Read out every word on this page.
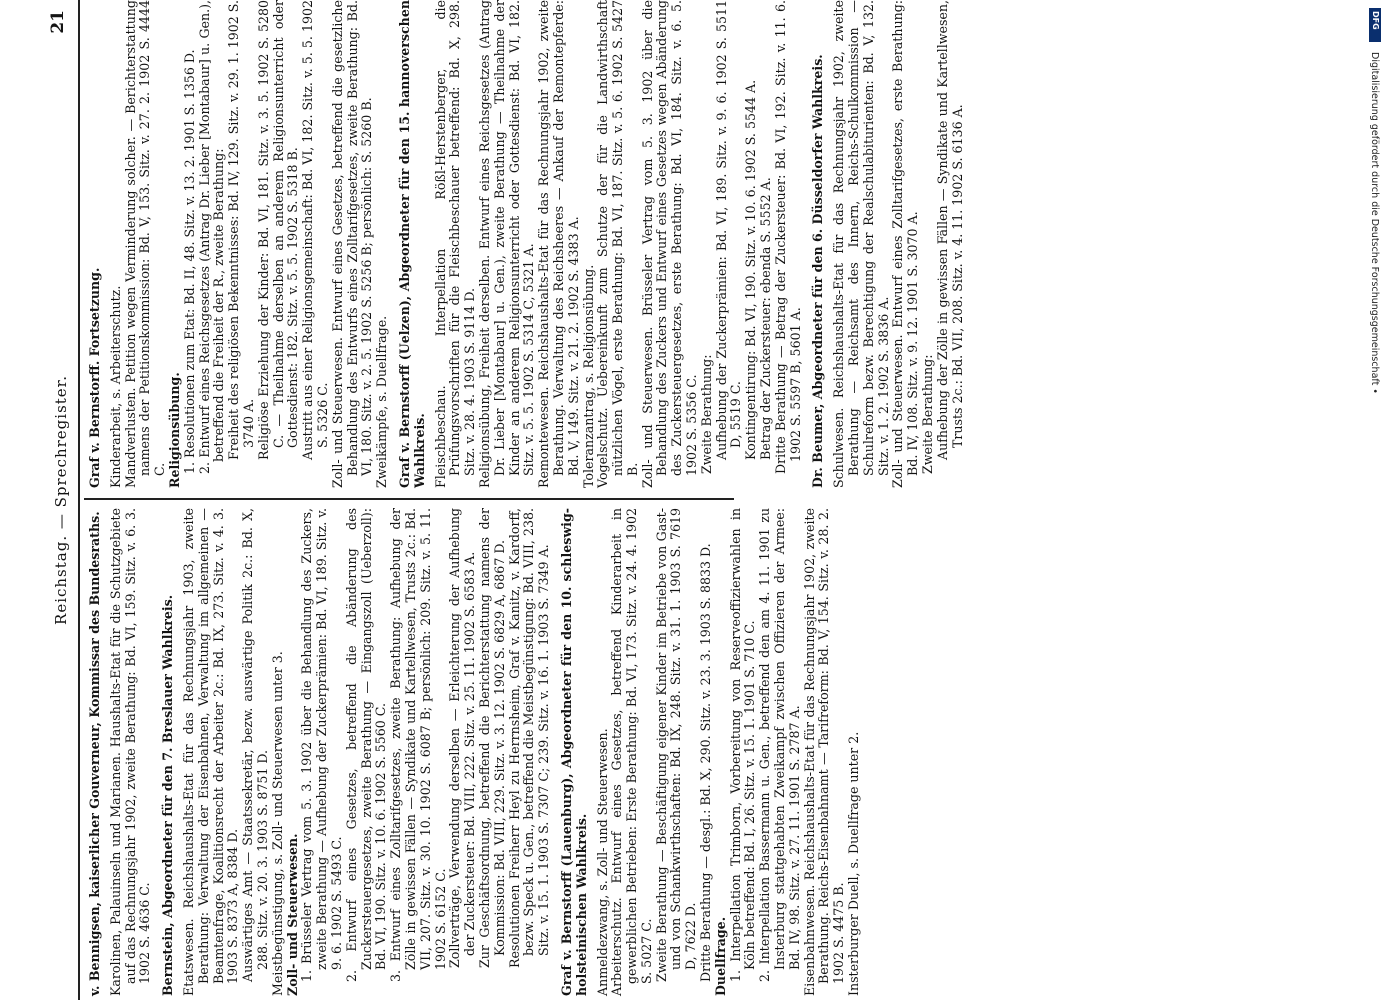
Reichstag. — Sprechregister.
21

v. Bennigsen, kaiserlicher Gouverneur, Kommissar des Bundesraths. Karolinen, Palauinseln und Marianen. Haushalts-Etat für die Schutzgebiete auf das Rechnungsjahr 1902, zweite Berathung: Bd. VI, 159. Sitz. v. 6. 3. 1902 S. 4636 C. Bernstein, Abgeordneter für den 7. Breslauer Wahlkreis. Etatswesen. Reichshaushalts-Etat für das Rechnungsjahr 1903, zweite Berathung: Verwaltung der Eisenbahnen, Verwaltung im allgemeinen — Beamtenfrage, Koalitionsrecht der Arbeiter 2c.: Bd. IX, 273. Sitz. v. 4. 3. 1903 S. 8373 A, 8384 D. Auswärtiges Amt — Staatssekretär, bezw. auswärtige Politik 2c.: Bd. X, 288. Sitz. v. 20. 3. 1903 S. 8751 D. Meistbegünstigung, s. Zoll- und Steuerwesen unter 3. Zoll- und Steuerwesen. 1. Brüsseler Vertrag vom 5. 3. 1902 über die Behandlung des Zuckers, zweite Berathung — Aufhebung der Zuckerprämien: Bd. VI, 189. Sitz. v. 9. 6. 1902 S. 5493 C. 2. Entwurf eines Gesetzes, betreffend die Abänderung des Zuckersteuergesetzes, zweite Berathung — Eingangszoll (Ueberzoll): Bd. VI, 190. Sitz. v. 10. 6. 1902 S. 5560 C. 3. Entwurf eines Zolltarifgesetzes, zweite Berathung: Aufhebung der Zölle in gewissen Fällen — Syndikate und Kartellwesen, Trusts 2c.: Bd. VII, 207. Sitz. v. 30. 10. 1902 S. 6087 B; persönlich: 209. Sitz. v. 5. 11. 1902 S. 6152 C. Zollverträge, Verwendung derselben — Erleichterung der Aufhebung der Zuckersteuer: Bd. VIII, 222. Sitz. v. 25. 11. 1902 S. 6583 A. Zur Geschäftsordnung, betreffend die Berichterstattung namens der Kommission: Bd. VIII, 229. Sitz. v. 3. 12. 1902 S. 6829 A, 6867 D. Resolutionen Freiherr Heyl zu Herrnsheim, Graf v. Kanitz, v. Kardorff, bezw. Speck u. Gen., betreffend die Meistbegünstigung: Bd. VIII, 238. Sitz. v. 15. 1. 1903 S. 7307 C; 239. Sitz. v. 16. 1. 1903 S. 7349 A. Graf v. Bernstorff (Lauenburg), Abgeordneter für den 10. schleswig-holsteinischen Wahlkreis. Anmeldezwang, s. Zoll- und Steuerwesen. Arbeiterschutz. Entwurf eines Gesetzes, betreffend Kinderarbeit in gewerblichen Betrieben: Erste Berathung: Bd. VI, 173. Sitz. v. 24. 4. 1902 S. 5027 C. Zweite Berathung — Beschäftigung eigener Kinder im Betriebe von Gast- und von Schankwirthschaften: Bd. IX, 248. Sitz. v. 31. 1. 1903 S. 7619 D, 7622 D. Dritte Berathung — desgl.: Bd. X, 290. Sitz. v. 23. 3. 1903 S. 8833 D. Duellfrage. 1. Interpellation Trimborn, Vorbereitung von Reserveoffizierwahlen in Köln betreffend: Bd. I, 26. Sitz. v. 15. 1. 1901 S. 710 C. 2. Interpellation Bassermann u. Gen., betreffend den am 4. 11. 1901 zu Insterburg stattgehabten Zweikampf zwischen Offizieren der Armee: Bd. IV, 98. Sitz. v. 27. 11. 1901 S. 2787 A. Eisenbahnwesen. Reichshaushalts-Etat für das Rechnungsjahr 1902, zweite Berathung. Reichs-Eisenbahnamt — Tarifreform: Bd. V, 154. Sitz. v. 28. 2. 1902 S. 4475 B. Insterburger Duell, s. Duellfrage unter 2.

Graf v. Bernstorff. Fortsetzung. Kinderarbeit, s. Arbeiterschutz. Mandverlusten. Petition wegen Verminderung solcher. — Berichterstattung namens der Petitionskommission: Bd. V, 153. Sitz. v. 27. 2. 1902 S. 4444 C. Religionsübung. 1. Resolutionen zum Etat: Bd. II, 48. Sitz. v. 13. 2. 1901 S. 1356 D. 2. Entwurf eines Reichsgesetzes (Antrag Dr. Lieber [Montabaur] u. Gen.), betreffend die Freiheit der R., zweite Berathung: Freiheit des religiösen Bekenntnisses: Bd. IV, 129. Sitz. v. 29. 1. 1902 S. 3740 A. Religiöse Erziehung der Kinder: Bd. VI, 181. Sitz. v. 3. 5. 1902 S. 5280 C. — Theilnahme derselben an anderem Religionsunterricht oder Gottesdienst: 182. Sitz. v. 5. 5. 1902 S. 5318 B. Austritt aus einer Religionsgemeinschaft: Bd. VI, 182. Sitz. v. 5. 5. 1902 S. 5326 C. Zoll- und Steuerwesen. Entwurf eines Gesetzes, betreffend die gesetzliche Behandlung des Entwurfs eines Zolltarifgesetzes, zweite Berathung: Bd. VI, 180. Sitz. v. 2. 5. 1902 S. 5256 B; persönlich: S. 5260 B. Zweikämpfe, s. Duellfrage. Graf v. Bernstorff (Uelzen), Abgeordneter für den 15. hannoverschen Wahlkreis. Fleischbeschau. Interpellation Rößl-Herstenberger, die Prüfungsvorschriften für die Fleischbeschauer betreffend: Bd. X, 298. Sitz. v. 28. 4. 1903 S. 9114 D. Religionsübung, Freiheit derselben. Entwurf eines Reichsgesetzes (Antrag Dr. Lieber [Montabaur] u. Gen.), zweite Berathung — Theilnahme der Kinder an anderem Religionsunterricht oder Gottesdienst: Bd. VI, 182. Sitz. v. 5. 5. 1902 S. 5314 C, 5321 A. Remontewesen. Reichshaushalts-Etat für das Rechnungsjahr 1902, zweite Berathung. Verwaltung des Reichsheeres — Ankauf der Remontepferde: Bd. V, 149. Sitz. v. 21. 2. 1902 S. 4383 A. Toleranzantrag, s. Religionsübung. Vogelschutz. Uebereinkunft zum Schutze der für die Landwirthschaft nützlichen Vögel, erste Berathung: Bd. VI, 187. Sitz. v. 5. 6. 1902 S. 5427 B. Zoll- und Steuerwesen. Brüsseler Vertrag vom 5. 3. 1902 über die Behandlung des Zuckers und Entwurf eines Gesetzes wegen Abänderung des Zuckersteuergesetzes, erste Berathung: Bd. VI, 184. Sitz. v. 6. 5. 1902 S. 5356 C. Zweite Berathung: Aufhebung der Zuckerprämien: Bd. VI, 189. Sitz. v. 9. 6. 1902 S. 5511 D, 5519 C. Kontingentirung: Bd. VI, 190. Sitz. v. 10. 6. 1902 S. 5544 A. Betrag der Zuckersteuer: ebenda S. 5552 A. Dritte Berathung — Betrag der Zuckersteuer: Bd. VI, 192. Sitz. v. 11. 6. 1902 S. 5597 B, 5601 A. Dr. Beumer, Abgeordneter für den 6. Düsseldorfer Wahlkreis. Schulwesen. Reichshaushalts-Etat für das Rechnungsjahr 1902, zweite Berathung — Reichsamt des Innern, Reichs-Schulkommission — Schulreform bezw. Berechtigung der Realschulabiturienten: Bd. V, 132. Sitz. v. 1. 2. 1902 S. 3836 A. Zoll- und Steuerwesen. Entwurf eines Zolltarifgesetzes, erste Berathung: Bd. IV, 108. Sitz. v. 9. 12. 1901 S. 3070 A. Zweite Berathung: Aufhebung der Zölle in gewissen Fällen — Syndikate und Kartellwesen, Trusts 2c.: Bd. VII, 208. Sitz. v. 4. 11. 1902 S. 6136 A.

DFG
Digitalisierung gefördert durch die Deutsche Forschungsgemeinschaft •
